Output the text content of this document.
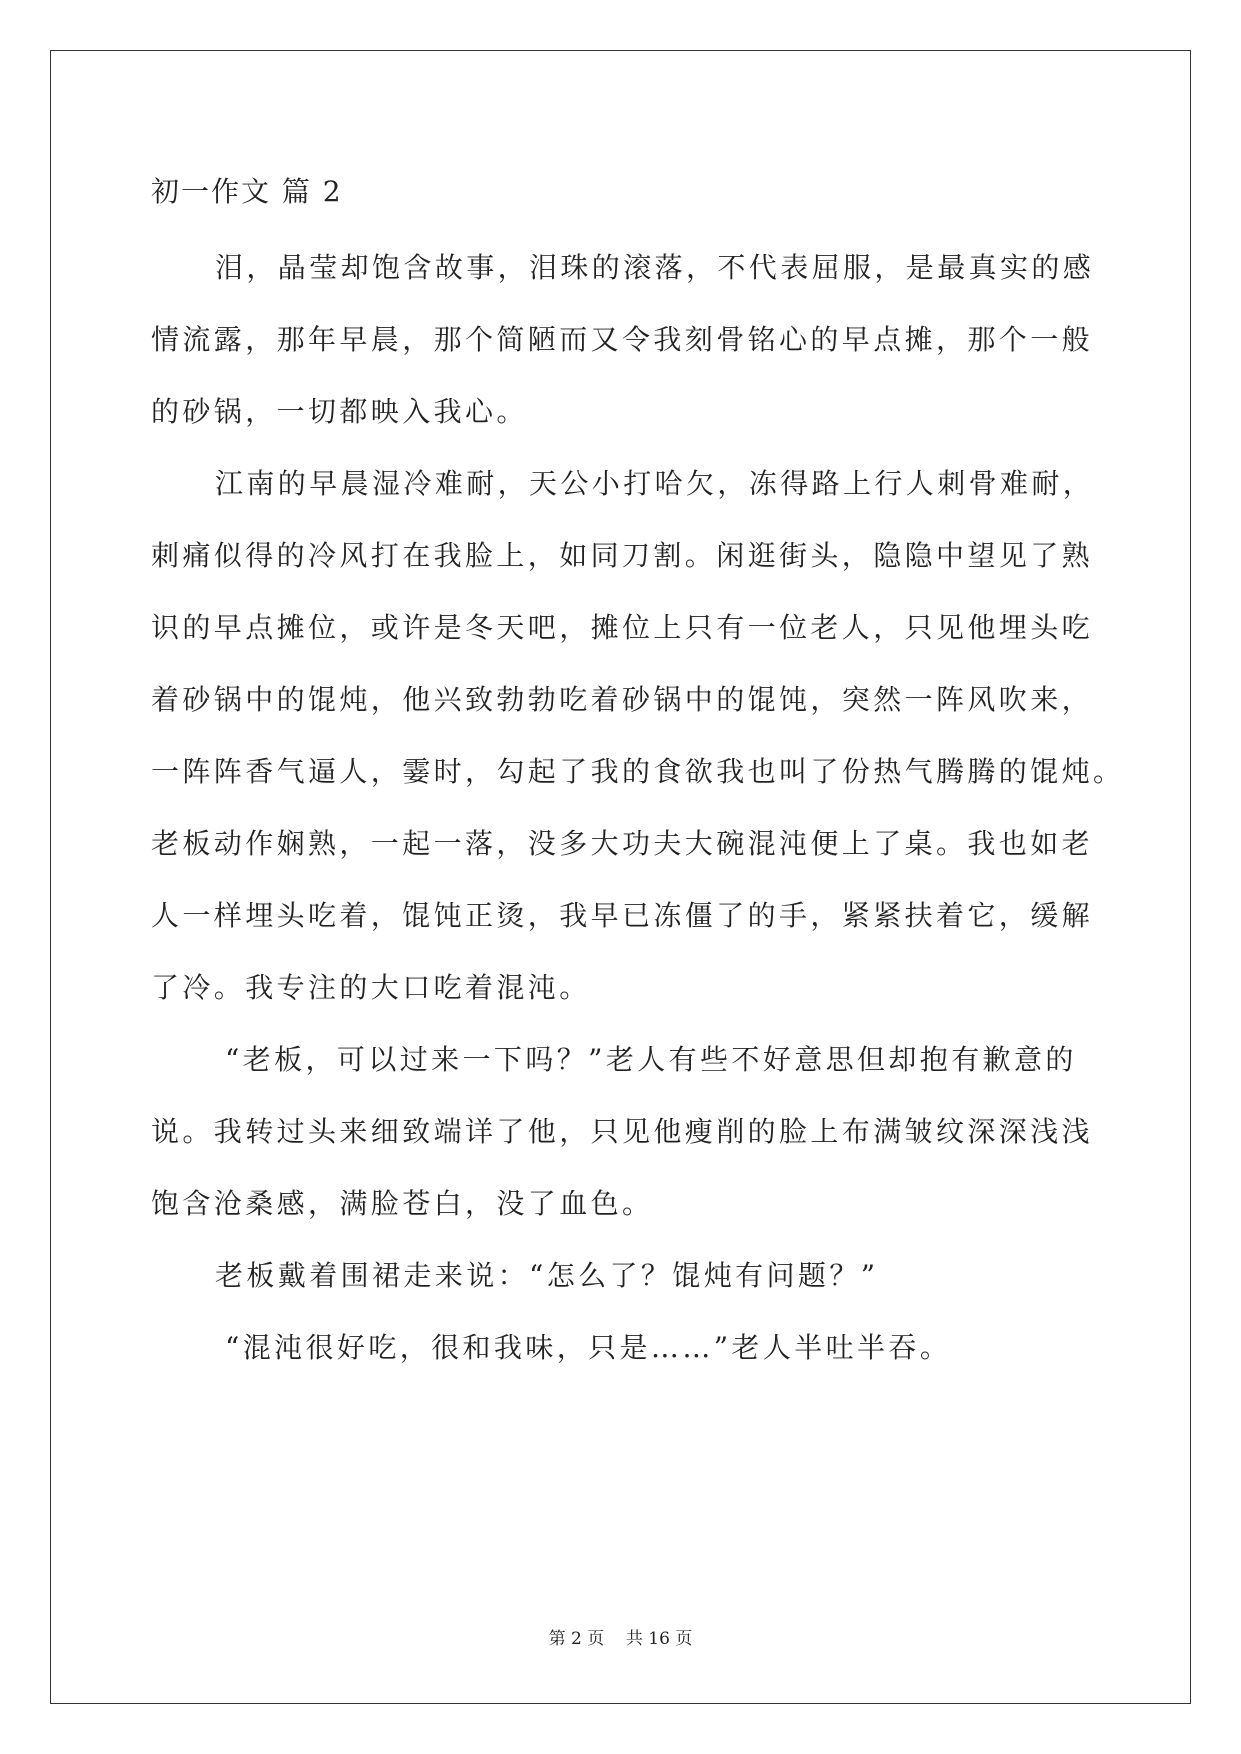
初一作文 篇 2
泪，晶莹却饱含故事，泪珠的滚落，不代表屈服，是最真实的感
情流露，那年早晨，那个简陋而又令我刻骨铭心的早点摊，那个一般
的砂锅，一切都映入我心。
江南的早晨湿冷难耐，天公小打哈欠，冻得路上行人刺骨难耐，
刺痛似得的冷风打在我脸上，如同刀割。闲逛街头，隐隐中望见了熟
识的早点摊位，或许是冬天吧，摊位上只有一位老人，只见他埋头吃
着砂锅中的馄炖，他兴致勃勃吃着砂锅中的馄饨，突然一阵风吹来，
一阵阵香气逼人，霎时，勾起了我的食欲我也叫了份热气腾腾的馄炖。
老板动作娴熟，一起一落，没多大功夫大碗混沌便上了桌。我也如老
人一样埋头吃着，馄饨正烫，我早已冻僵了的手，紧紧扶着它，缓解
了冷。我专注的大口吃着混沌。
“老板，可以过来一下吗？”老人有些不好意思但却抱有歉意的
说。我转过头来细致端详了他，只见他瘦削的脸上布满皱纹深深浅浅
饱含沧桑感，满脸苍白，没了血色。
老板戴着围裙走来说：“怎么了？馄炖有问题？”
“混沌很好吃，很和我味，只是……”老人半吐半吞。
第 2 页    共 16 页
